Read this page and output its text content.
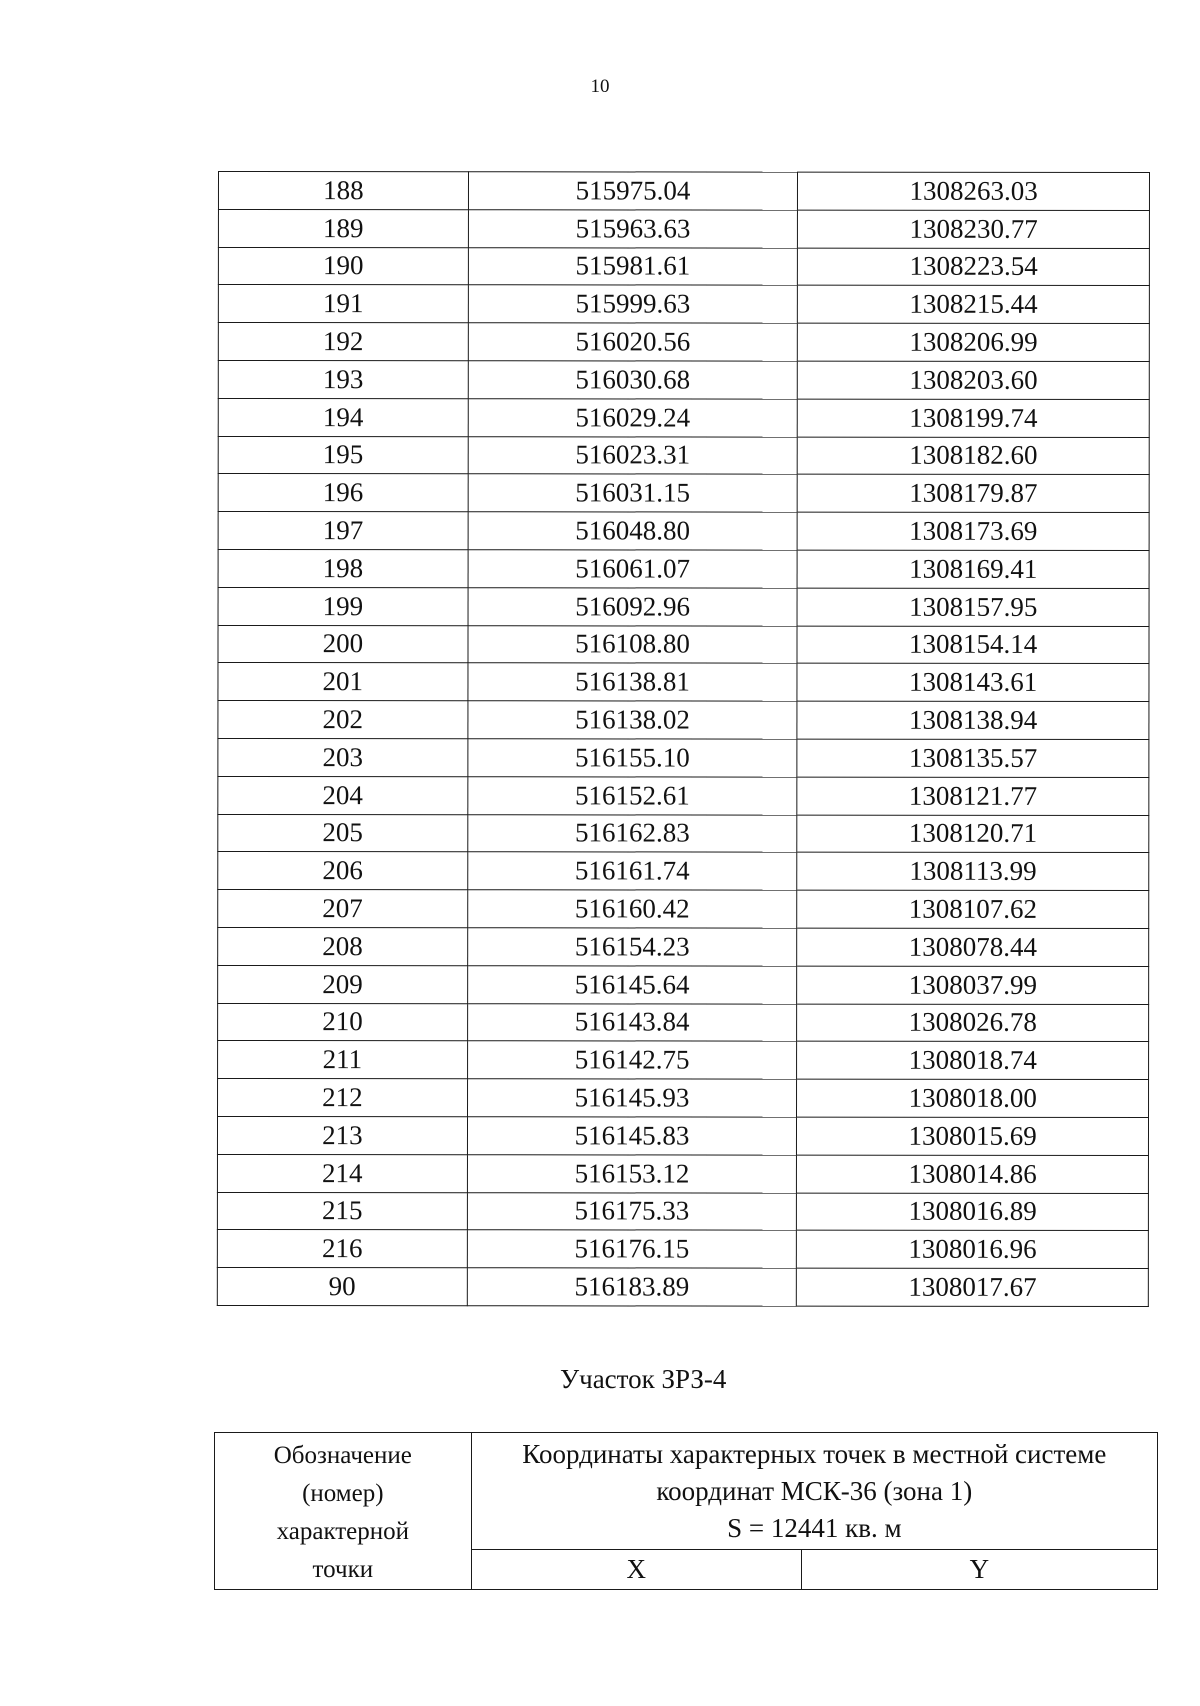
10
188	515975.04	1308263.03
189	515963.63	1308230.77
190	515981.61	1308223.54
191	515999.63	1308215.44
192	516020.56	1308206.99
193	516030.68	1308203.60
194	516029.24	1308199.74
195	516023.31	1308182.60
196	516031.15	1308179.87
197	516048.80	1308173.69
198	516061.07	1308169.41
199	516092.96	1308157.95
200	516108.80	1308154.14
201	516138.81	1308143.61
202	516138.02	1308138.94
203	516155.10	1308135.57
204	516152.61	1308121.77
205	516162.83	1308120.71
206	516161.74	1308113.99
207	516160.42	1308107.62
208	516154.23	1308078.44
209	516145.64	1308037.99
210	516143.84	1308026.78
211	516142.75	1308018.74
212	516145.93	1308018.00
213	516145.83	1308015.69
214	516153.12	1308014.86
215	516175.33	1308016.89
216	516176.15	1308016.96
90	516183.89	1308017.67
Участок ЗРЗ-4
Обозначение
(номер)
характерной
точки	Координаты характерных точек в местной системе
координат МСК-36 (зона 1)
S = 12441 кв. м	

	X	Y
